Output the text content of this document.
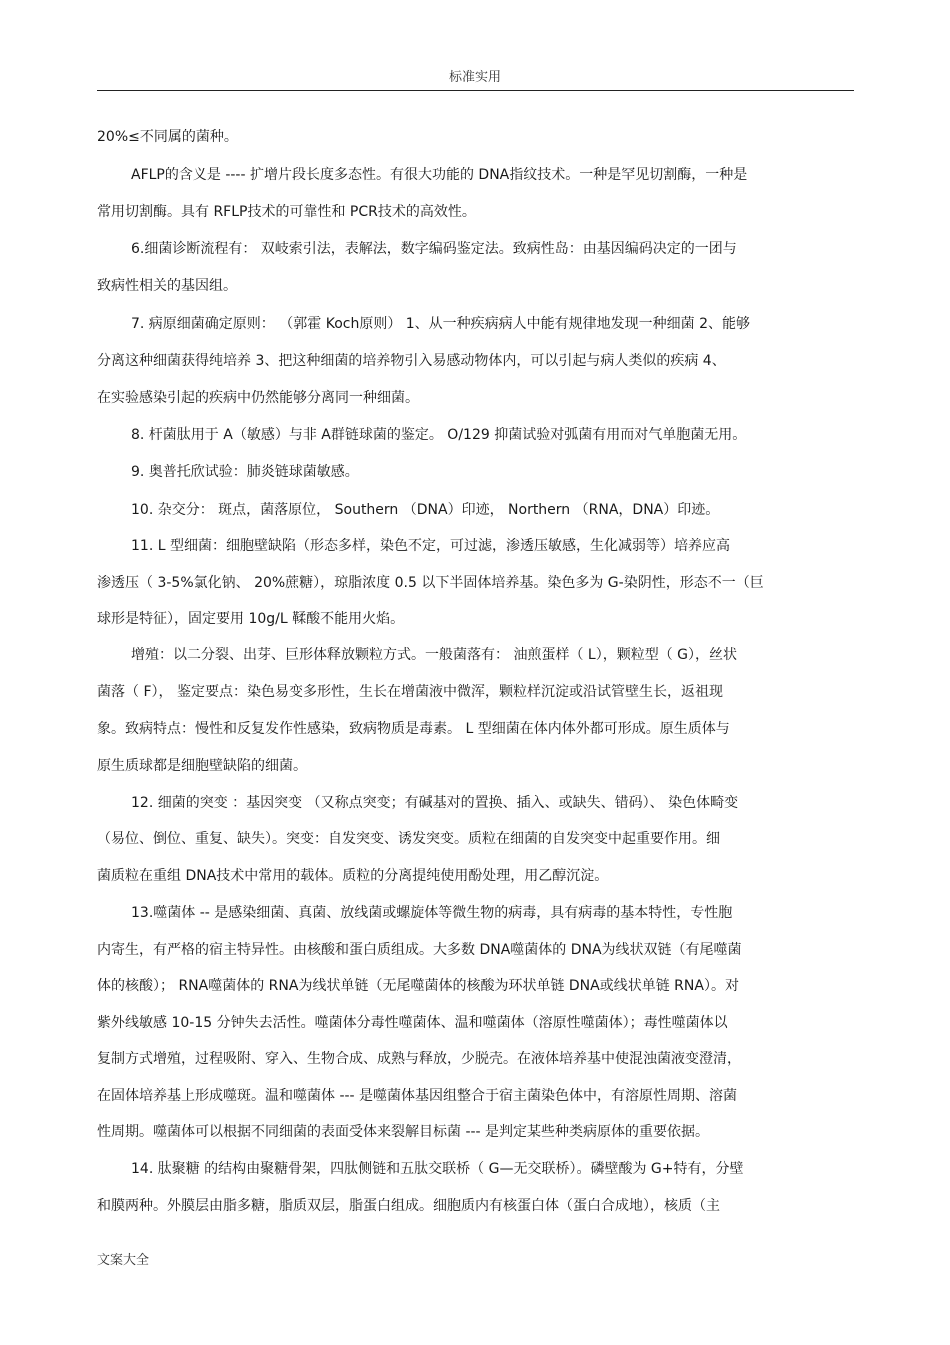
标准实用
20%≤不同属的菌种。
AFLP的含义是 ---- 扩增片段长度多态性。有很大功能的 DNA指纹技术。一种是罕见切割酶，一种是
常用切割酶。具有 RFLP技术的可靠性和 PCR技术的高效性。
6.细菌诊断流程有： 双岐索引法，表解法，数字编码鉴定法。致病性岛：由基因编码决定的一团与
致病性相关的基因组。
7. 病原细菌确定原则： （郭霍 Koch原则） 1、从一种疾病病人中能有规律地发现一种细菌 2、能够
分离这种细菌获得纯培养 3、把这种细菌的培养物引入易感动物体内，可以引起与病人类似的疾病 4、
在实验感染引起的疾病中仍然能够分离同一种细菌。
8. 杆菌肽用于 A（敏感）与非 A群链球菌的鉴定。 O/129 抑菌试验对弧菌有用而对气单胞菌无用。
9. 奥普托欣试验：肺炎链球菌敏感。
10. 杂交分： 斑点，菌落原位， Southern （DNA）印迹， Northern （RNA，DNA）印迹。
11. L 型细菌：细胞壁缺陷（形态多样，染色不定，可过滤，渗透压敏感，生化减弱等）培养应高
渗透压（ 3-5%氯化钠、 20%蔗糖），琼脂浓度 0.5 以下半固体培养基。染色多为 G-染阴性，形态不一（巨
球形是特征），固定要用 10g/L 鞣酸不能用火焰。
增殖：以二分裂、出芽、巨形体释放颗粒方式。一般菌落有： 油煎蛋样（ L），颗粒型（ G），丝状
菌落（ F）， 鉴定要点：染色易变多形性，生长在增菌液中微浑，颗粒样沉淀或沿试管壁生长，返祖现
象。致病特点：慢性和反复发作性感染，致病物质是毒素。 L 型细菌在体内体外都可形成。原生质体与
原生质球都是细胞壁缺陷的细菌。
12. 细菌的突变 ：基因突变 （又称点突变；有碱基对的置换、插入、或缺失、错码）、 染色体畸变
（易位、倒位、重复、缺失）。突变：自发突变、诱发突变。质粒在细菌的自发突变中起重要作用。细
菌质粒在重组 DNA技术中常用的载体。质粒的分离提纯使用酚处理，用乙醇沉淀。
13.噬菌体 -- 是感染细菌、真菌、放线菌或螺旋体等微生物的病毒，具有病毒的基本特性，专性胞
内寄生，有严格的宿主特异性。由核酸和蛋白质组成。大多数 DNA噬菌体的 DNA为线状双链（有尾噬菌
体的核酸）； RNA噬菌体的 RNA为线状单链（无尾噬菌体的核酸为环状单链 DNA或线状单链 RNA）。对
紫外线敏感 10-15 分钟失去活性。噬菌体分毒性噬菌体、温和噬菌体（溶原性噬菌体）；毒性噬菌体以
复制方式增殖，过程吸附、穿入、生物合成、成熟与释放，少脱壳。在液体培养基中使混浊菌液变澄清，
在固体培养基上形成噬斑。温和噬菌体 --- 是噬菌体基因组整合于宿主菌染色体中，有溶原性周期、溶菌
性周期。噬菌体可以根据不同细菌的表面受体来裂解目标菌 --- 是判定某些种类病原体的重要依据。
14. 肽聚糖 的结构由聚糖骨架，四肽侧链和五肽交联桥（ G—无交联桥）。磷壁酸为 G+特有，分壁
和膜两种。外膜层由脂多糖，脂质双层，脂蛋白组成。细胞质内有核蛋白体（蛋白合成地），核质（主
文案大全
